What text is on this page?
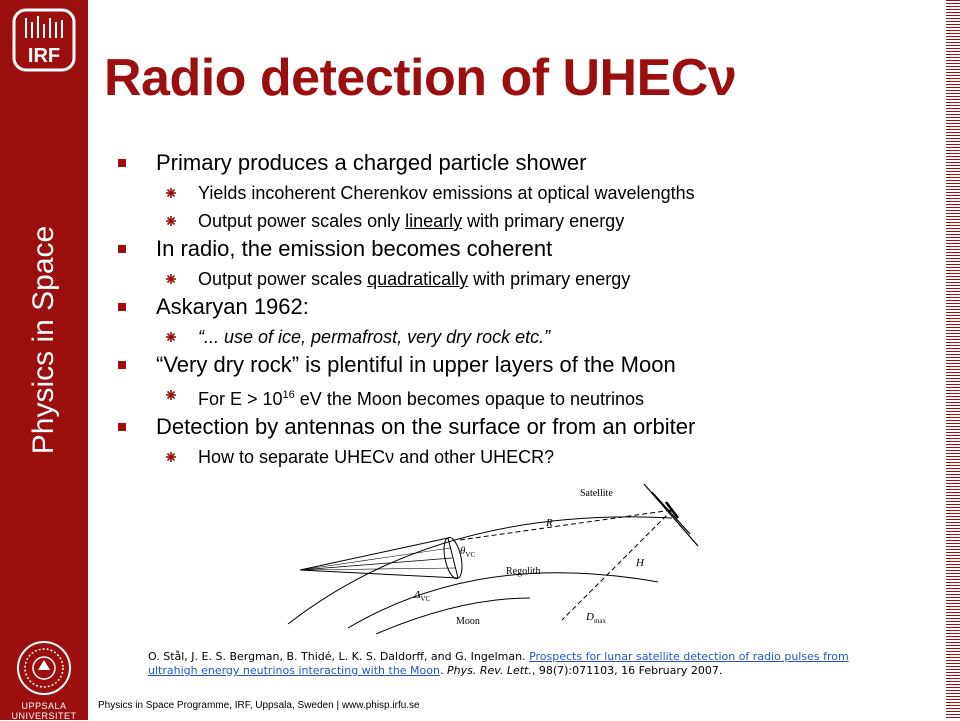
IRF
Physics in Space
UPPSALA
UNIVERSITET
Radio detection of UHECν
Primary produces a charged particle shower
Yields incoherent Cherenkov emissions at optical wavelengths
Output power scales only linearly with primary energy
In radio, the emission becomes coherent
Output power scales quadratically with primary energy
Askaryan 1962:
“... use of ice, permafrost, very dry rock etc.”
“Very dry rock” is plentiful in upper layers of the Moon
For $E > 10^{16}$ eV the Moon becomes opaque to neutrinos
Detection by antennas on the surface or from an orbiter
How to separate UHECν and other UHECR?
Satellite
R
H
$\theta_{VC}$
$\Delta_{VC}$
Regolith
Moon	$D_{max}$
O. Stål, J. E. S. Bergman, B. Thidé, L. K. S. Daldorff, and G. Ingelman. Prospects for lunar satellite detection of radio pulses from ultrahigh energy neutrinos interacting with the Moon. Phys. Rev. Lett., 98(7):071103, 16 February 2007.
Physics in Space Programme, IRF, Uppsala, Sweden | www.phisp.irfu.se
